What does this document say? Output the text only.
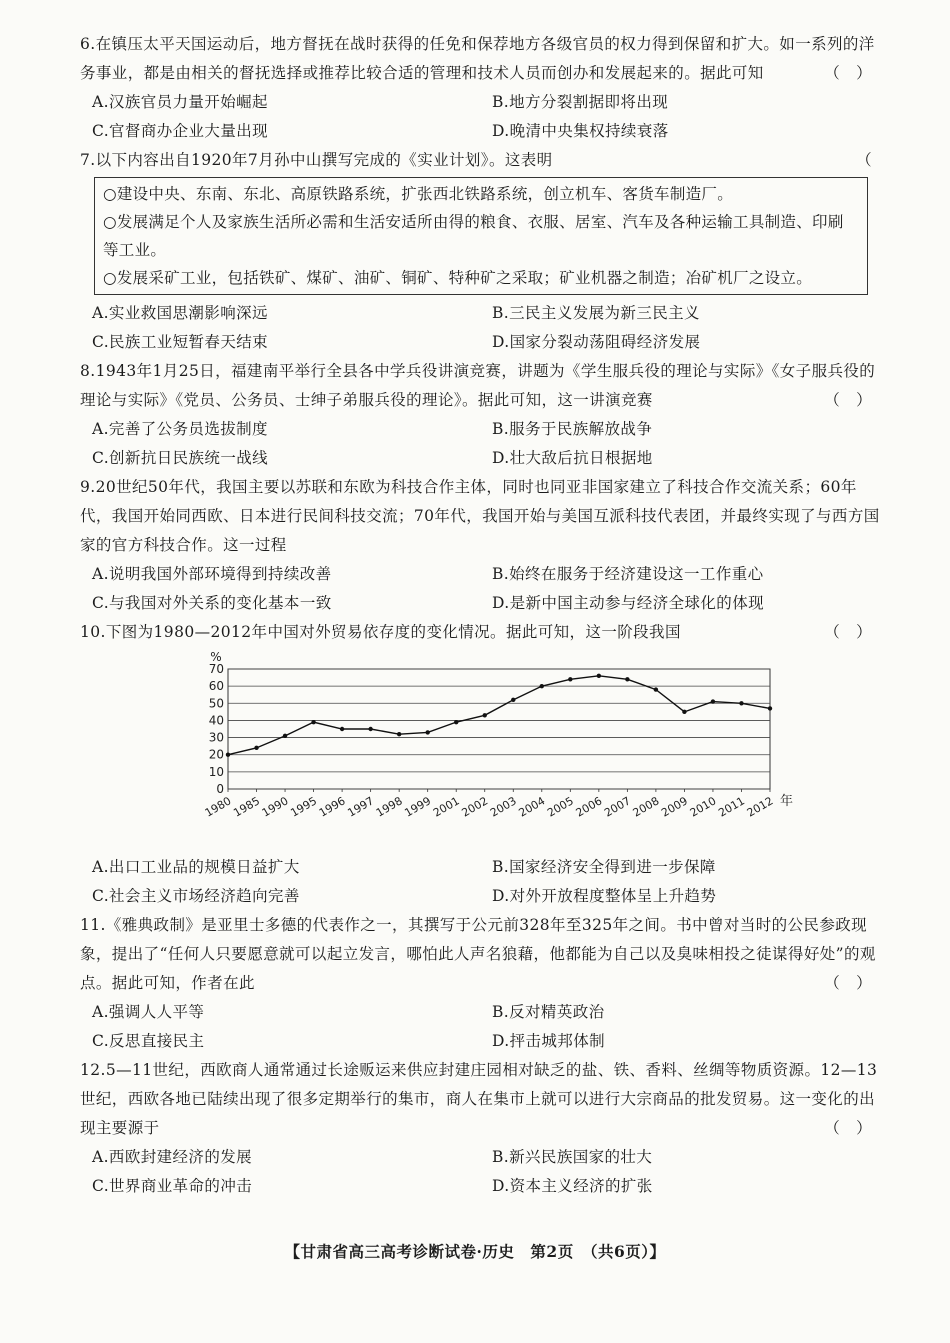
6.在镇压太平天国运动后，地方督抚在战时获得的任免和保荐地方各级官员的权力得到保留和扩大。如一系列的洋务事业，都是由相关的督抚选择或推荐比较合适的管理和技术人员而创办和发展起来的。据此可知	（　）
A.汉族官员力量开始崛起	B.地方分裂割据即将出现
C.官督商办企业大量出现	D.晚清中央集权持续衰落
7.以下内容出自1920年7月孙中山撰写完成的《实业计划》。这表明	（
○建设中央、东南、东北、高原铁路系统，扩张西北铁路系统，创立机车、客货车制造厂。
○发展满足个人及家族生活所必需和生活安适所由得的粮食、衣服、居室、汽车及各种运输工具制造、印刷等工业。
○发展采矿工业，包括铁矿、煤矿、油矿、铜矿、特种矿之采取；矿业机器之制造；冶矿机厂之设立。
A.实业救国思潮影响深远	B.三民主义发展为新三民主义
C.民族工业短暂春天结束	D.国家分裂动荡阻碍经济发展
8.1943年1月25日，福建南平举行全县各中学兵役讲演竞赛，讲题为《学生服兵役的理论与实际》《女子服兵役的理论与实际》《党员、公务员、士绅子弟服兵役的理论》。据此可知，这一讲演竞赛	（　）
A.完善了公务员选拔制度	B.服务于民族解放战争
C.创新抗日民族统一战线	D.壮大敌后抗日根据地
9.20世纪50年代，我国主要以苏联和东欧为科技合作主体，同时也同亚非国家建立了科技合作交流关系；60年代，我国开始同西欧、日本进行民间科技交流；70年代，我国开始与美国互派科技代表团，并最终实现了与西方国家的官方科技合作。这一过程
A.说明我国外部环境得到持续改善	B.始终在服务于经济建设这一工作重心
C.与我国对外关系的变化基本一致	D.是新中国主动参与经济全球化的体现
10.下图为1980—2012年中国对外贸易依存度的变化情况。据此可知，这一阶段我国	（　）
0
10
20
30
40
50
60
70
%
1980
1985
1990
1995
1996
1997
1998
1999
2001
2002
2003
2004
2005
2006
2007
2008
2009
2010
2011
2012 年
A.出口工业品的规模日益扩大	B.国家经济安全得到进一步保障
C.社会主义市场经济趋向完善	D.对外开放程度整体呈上升趋势
11.《雅典政制》是亚里士多德的代表作之一，其撰写于公元前328年至325年之间。书中曾对当时的公民参政现象，提出了“任何人只要愿意就可以起立发言，哪怕此人声名狼藉，他都能为自己以及臭味相投之徒谋得好处”的观点。据此可知，作者在此	（　）
A.强调人人平等	B.反对精英政治
C.反思直接民主	D.抨击城邦体制
12.5—11世纪，西欧商人通常通过长途贩运来供应封建庄园相对缺乏的盐、铁、香料、丝绸等物质资源。12—13世纪，西欧各地已陆续出现了很多定期举行的集市，商人在集市上就可以进行大宗商品的批发贸易。这一变化的出现主要源于	（　）
A.西欧封建经济的发展	B.新兴民族国家的壮大
C.世界商业革命的冲击	D.资本主义经济的扩张
【甘肃省高三高考诊断试卷·历史　第2页　（共6页）】
